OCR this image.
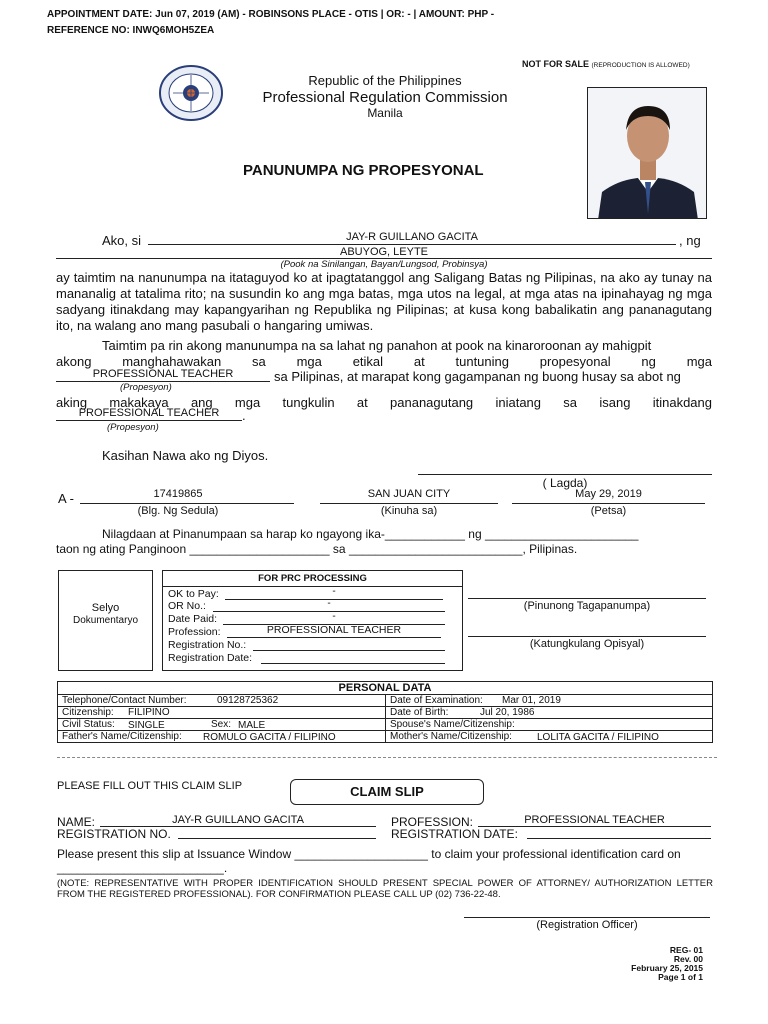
APPOINTMENT DATE: Jun 07, 2019 (AM) - ROBINSONS PLACE - OTIS | OR: - | AMOUNT: PHP -
REFERENCE NO: INWQ6MOH5ZEA
NOT FOR SALE (REPRODUCTION IS ALLOWED)
Republic of the Philippines
Professional Regulation Commission
Manila
PANUNUMPA NG PROPESYONAL
Ako, si	JAY-R GUILLANO GACITA	, ng
ABUYOG, LEYTE
(Pook na Sinilangan, Bayan/Lungsod, Probinsya)
ay taimtim na nanunumpa na itataguyod ko at ipagtatanggol ang Saligang Batas ng Pilipinas, na ako ay tunay na mananalig at tatalima rito; na susundin ko ang mga batas, mga utos na legal, at mga atas na ipinahayag ng mga sadyang itinakdang may kapangyarihan ng Republika ng Pilipinas; at kusa kong babalikatin ang pananagutang ito, na walang ano mang pasubali o hangaring umiwas.
Taimtim pa rin akong manunumpa na sa lahat ng panahon at pook na kinaroroonan ay mahigpit
akong manghahawakan sa mga etikal at tuntuning propesyonal ng mga
PROFESSIONAL TEACHER	sa Pilipinas, at marapat kong gagampanan ng buong husay sa abot ng
(Propesyon)
aking makakaya ang mga tungkulin at pananagutang iniatang sa isang itinakdang
PROFESSIONAL TEACHER	.
(Propesyon)
Kasihan Nawa ako ng Diyos.
( Lagda)
A -	17419865
(Blg. Ng Sedula)
SAN JUAN CITY
(Kinuha sa)
May 29, 2019
(Petsa)
Nilagdaan at Pinanumpaan sa harap ko ngayong ika-____________ ng _______________________
taon ng ating Panginoon _____________________ sa __________________________, Pilipinas.
Selyo
Dokumentaryo
FOR PRC PROCESSING
OK to Pay:	-
OR No.:	-
Date Paid:	-
Profession:	PROFESSIONAL TEACHER
Registration No.:
Registration Date:
(Pinunong Tagapanumpa)
(Katungkulang Opisyal)
PERSONAL DATA
Telephone/Contact Number:	09128725362	Date of Examination: Mar 01, 2019
Citizenship: FILIPINO	Date of Birth:	Jul 20, 1986
Civil Status: SINGLE	Sex: MALE	Spouse's Name/Citizenship:
Father's Name/Citizenship: ROMULO GACITA / FILIPINO	Mother's Name/Citizenship:	LOLITA GACITA / FILIPINO
PLEASE FILL OUT THIS CLAIM SLIP	CLAIM SLIP
NAME:	JAY-R GUILLANO GACITA	PROFESSION:	PROFESSIONAL TEACHER
REGISTRATION NO.	REGISTRATION DATE:
Please present this slip at Issuance Window ____________________ to claim your professional identification card on
_________________________.
(NOTE: REPRESENTATIVE WITH PROPER IDENTIFICATION SHOULD PRESENT SPECIAL POWER OF ATTORNEY/ AUTHORIZATION LETTER FROM THE REGISTERED PROFESSIONAL). FOR CONFIRMATION PLEASE CALL UP (02) 736-22-48.
(Registration Officer)
REG- 01
Rev. 00
February 25, 2015
Page 1 of 1
